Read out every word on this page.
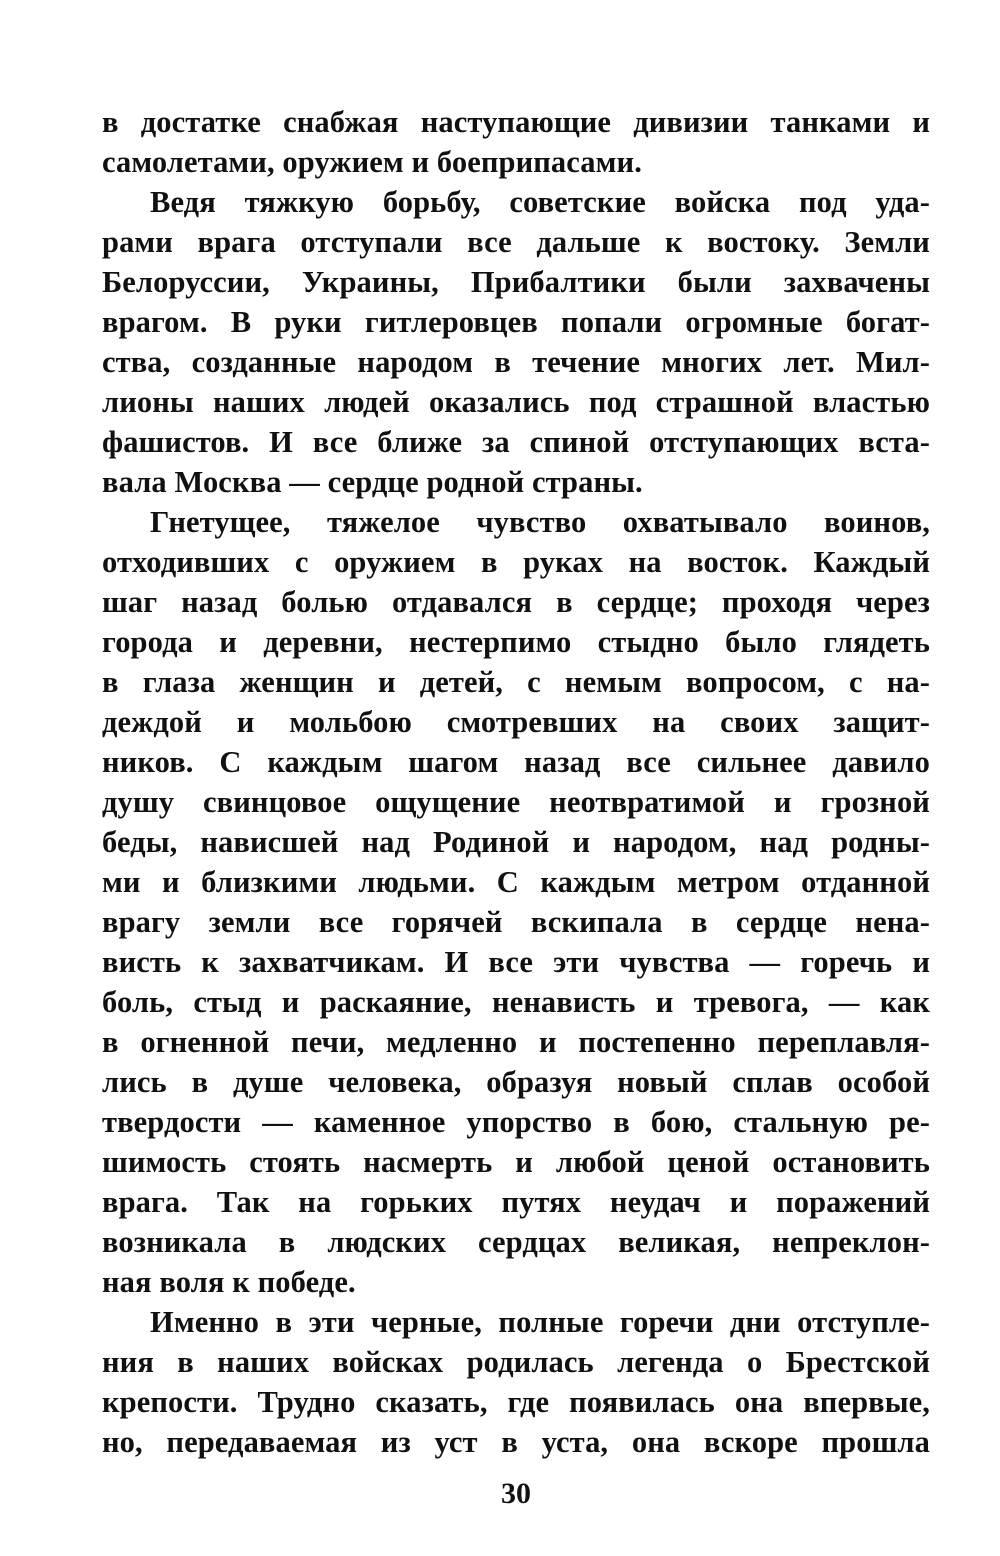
в достатке снабжая наступающие дивизии танками и
самолетами, оружием и боеприпасами.
Ведя тяжкую борьбу, советские войска под уда-
рами врага отступали все дальше к востоку. Земли
Белоруссии, Украины, Прибалтики были захвачены
врагом. В руки гитлеровцев попали огромные богат-
ства, созданные народом в течение многих лет. Мил-
лионы наших людей оказались под страшной властью
фашистов. И все ближе за спиной отступающих вста-
вала Москва — сердце родной страны.
Гнетущее, тяжелое чувство охватывало воинов,
отходивших с оружием в руках на восток. Каждый
шаг назад болью отдавался в сердце; проходя через
города и деревни, нестерпимо стыдно было глядеть
в глаза женщин и детей, с немым вопросом, с на-
деждой и мольбою смотревших на своих защит-
ников. С каждым шагом назад все сильнее давило
душу свинцовое ощущение неотвратимой и грозной
беды, нависшей над Родиной и народом, над родны-
ми и близкими людьми. С каждым метром отданной
врагу земли все горячей вскипала в сердце нена-
висть к захватчикам. И все эти чувства — горечь и
боль, стыд и раскаяние, ненависть и тревога, — как
в огненной печи, медленно и постепенно переплавля-
лись в душе человека, образуя новый сплав особой
твердости — каменное упорство в бою, стальную ре-
шимость стоять насмерть и любой ценой остановить
врага. Так на горьких путях неудач и поражений
возникала в людских сердцах великая, непреклон-
ная воля к победе.
Именно в эти черные, полные горечи дни отступле-
ния в наших войсках родилась легенда о Брестской
крепости. Трудно сказать, где появилась она впервые,
но, передаваемая из уст в уста, она вскоре прошла
30
